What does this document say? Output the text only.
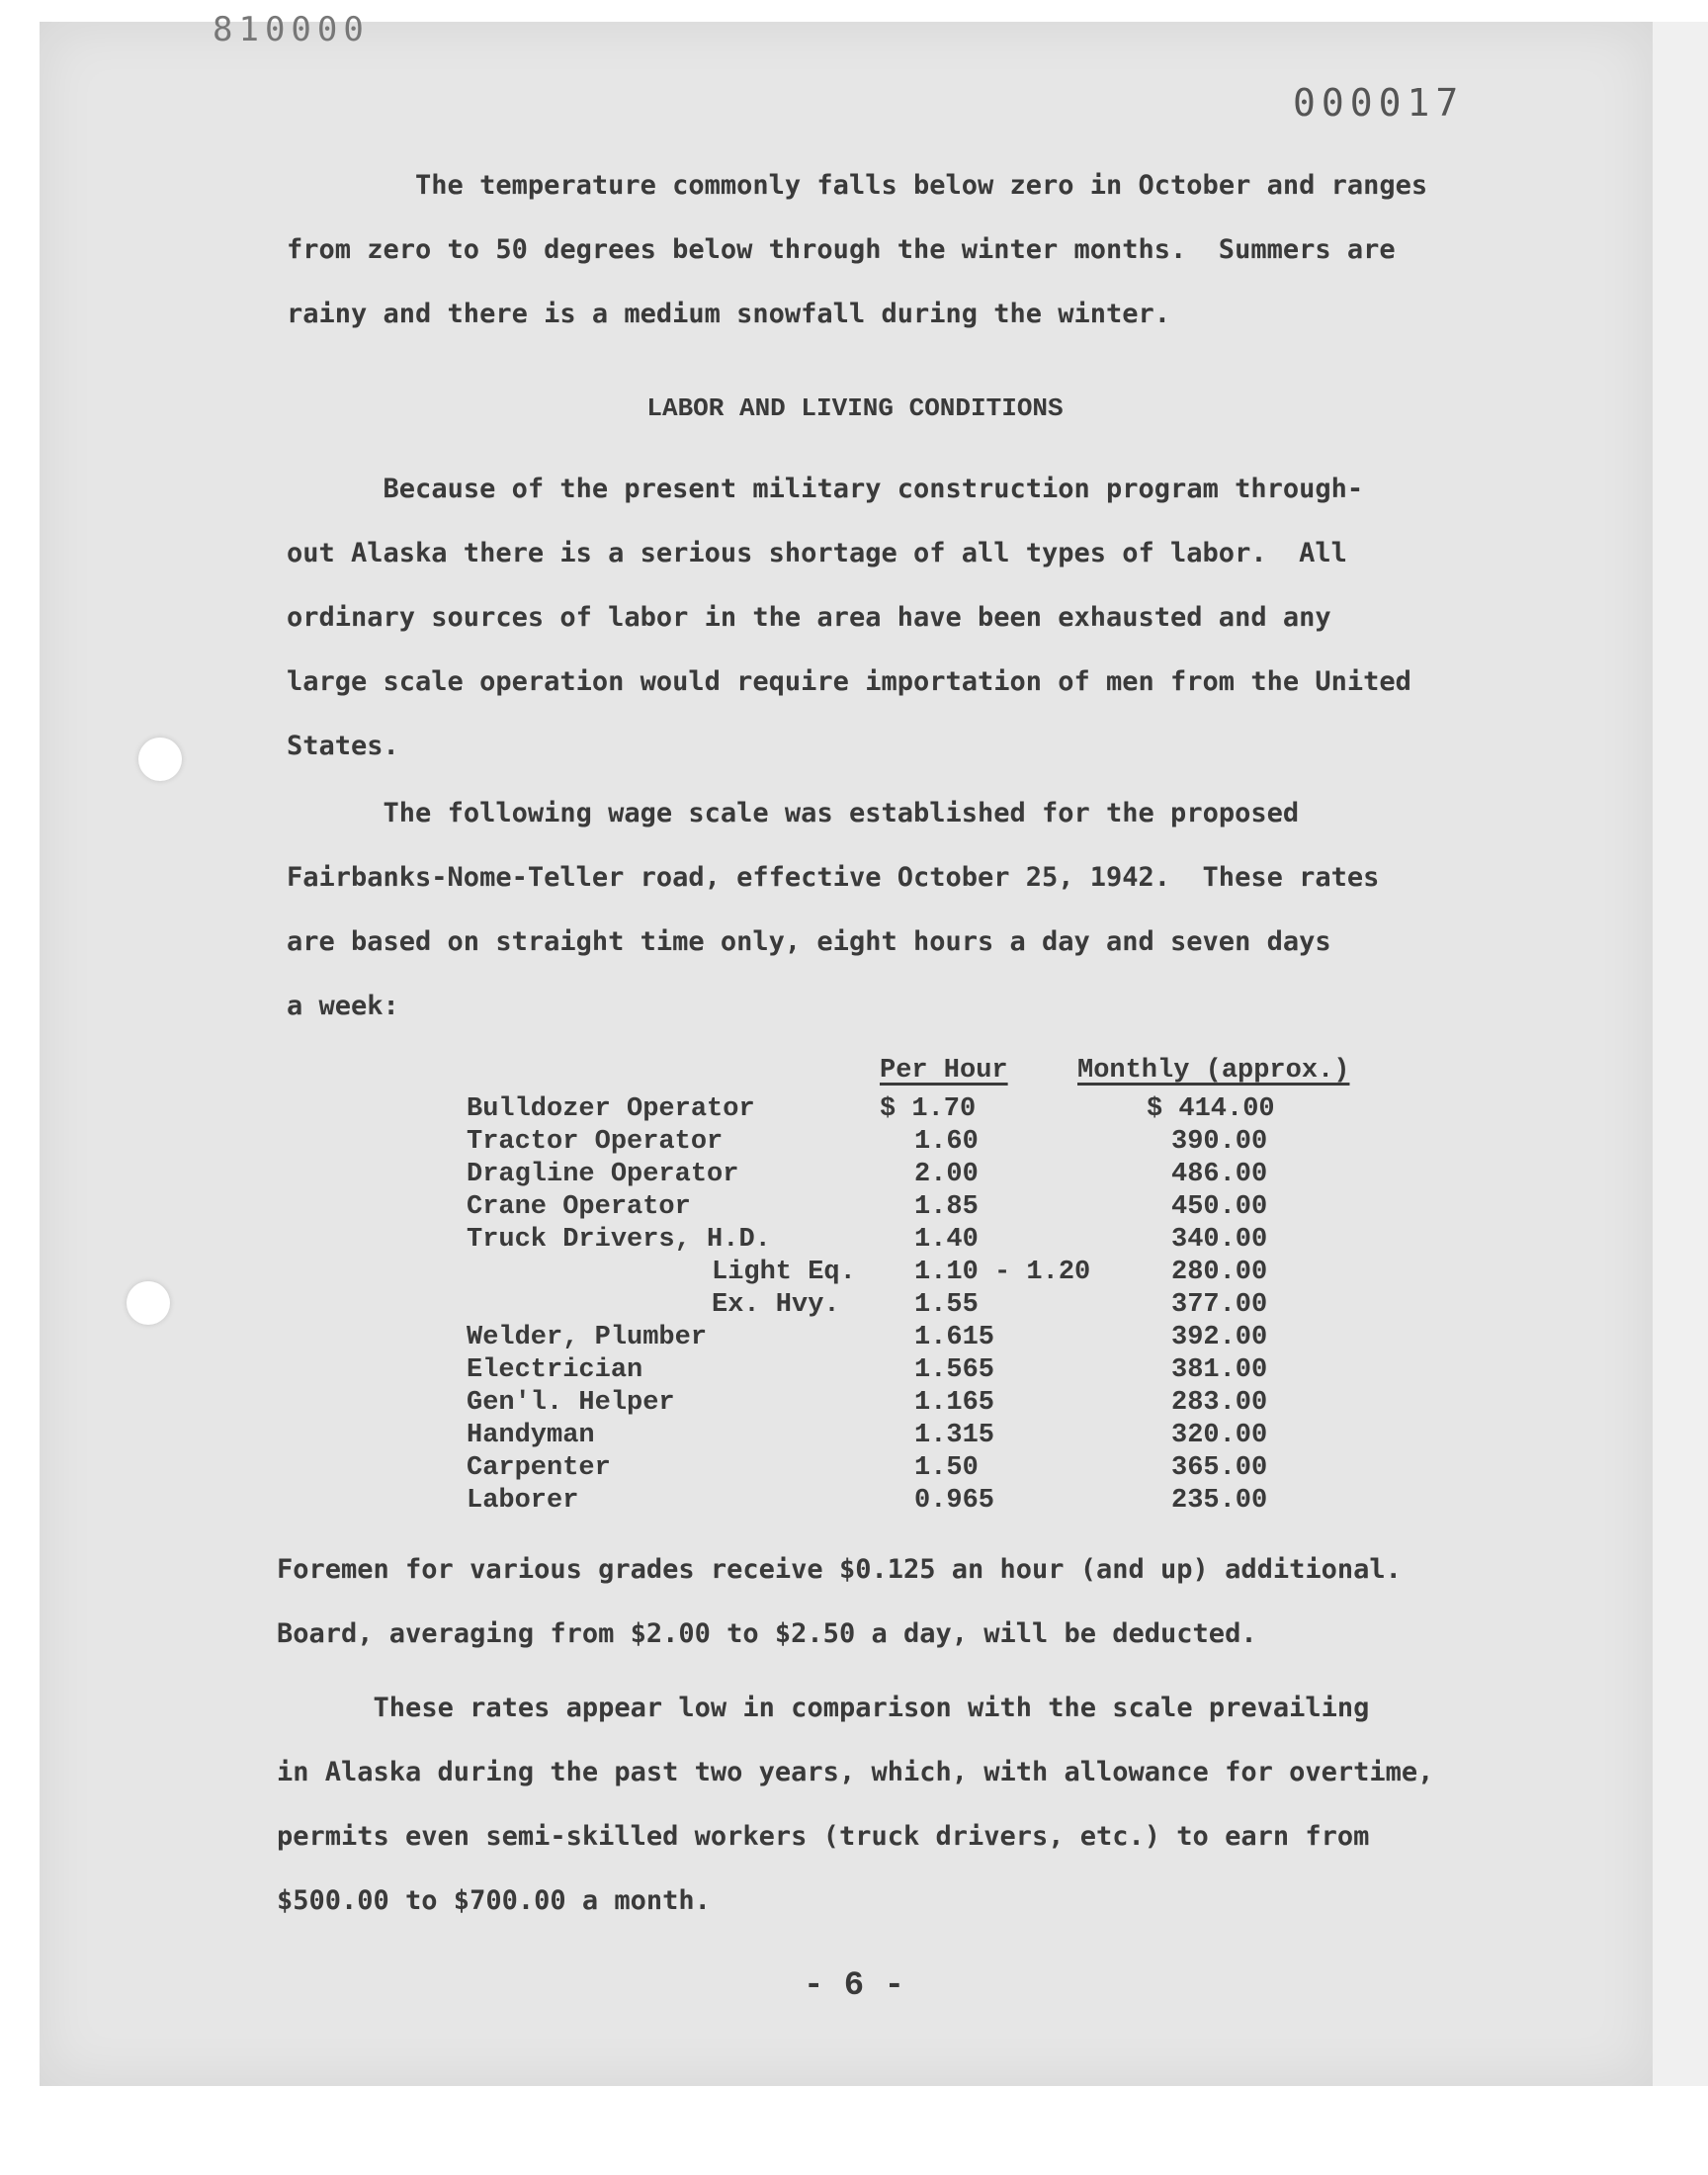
810000
000017
The temperature commonly falls below zero in October and ranges
from zero to 50 degrees below through the winter months.  Summers are
rainy and there is a medium snowfall during the winter.
LABOR AND LIVING CONDITIONS
Because of the present military construction program through-
out Alaska there is a serious shortage of all types of labor.  All
ordinary sources of labor in the area have been exhausted and any
large scale operation would require importation of men from the United
States.
The following wage scale was established for the proposed
Fairbanks-Nome-Teller road, effective October 25, 1942.  These rates
are based on straight time only, eight hours a day and seven days
a week:
Per Hour	Monthly (approx.)
Bulldozer Operator	$ 1.70	$ 414.00
Tractor Operator	1.60	390.00
Dragline Operator	2.00	486.00
Crane Operator	1.85	450.00
Truck Drivers, H.D.	1.40	340.00
Light Eq. 1.10 - 1.20	280.00
Ex. Hvy.	1.55	377.00
Welder, Plumber	1.615	392.00
Electrician	1.565	381.00
Gen'l. Helper	1.165	283.00
Handyman	1.315	320.00
Carpenter	1.50	365.00
Laborer	0.965	235.00
Foremen for various grades receive $0.125 an hour (and up) additional.
Board, averaging from $2.00 to $2.50 a day, will be deducted.
These rates appear low in comparison with the scale prevailing
in Alaska during the past two years, which, with allowance for overtime,
permits even semi-skilled workers (truck drivers, etc.) to earn from
$500.00 to $700.00 a month.
- 6 -
